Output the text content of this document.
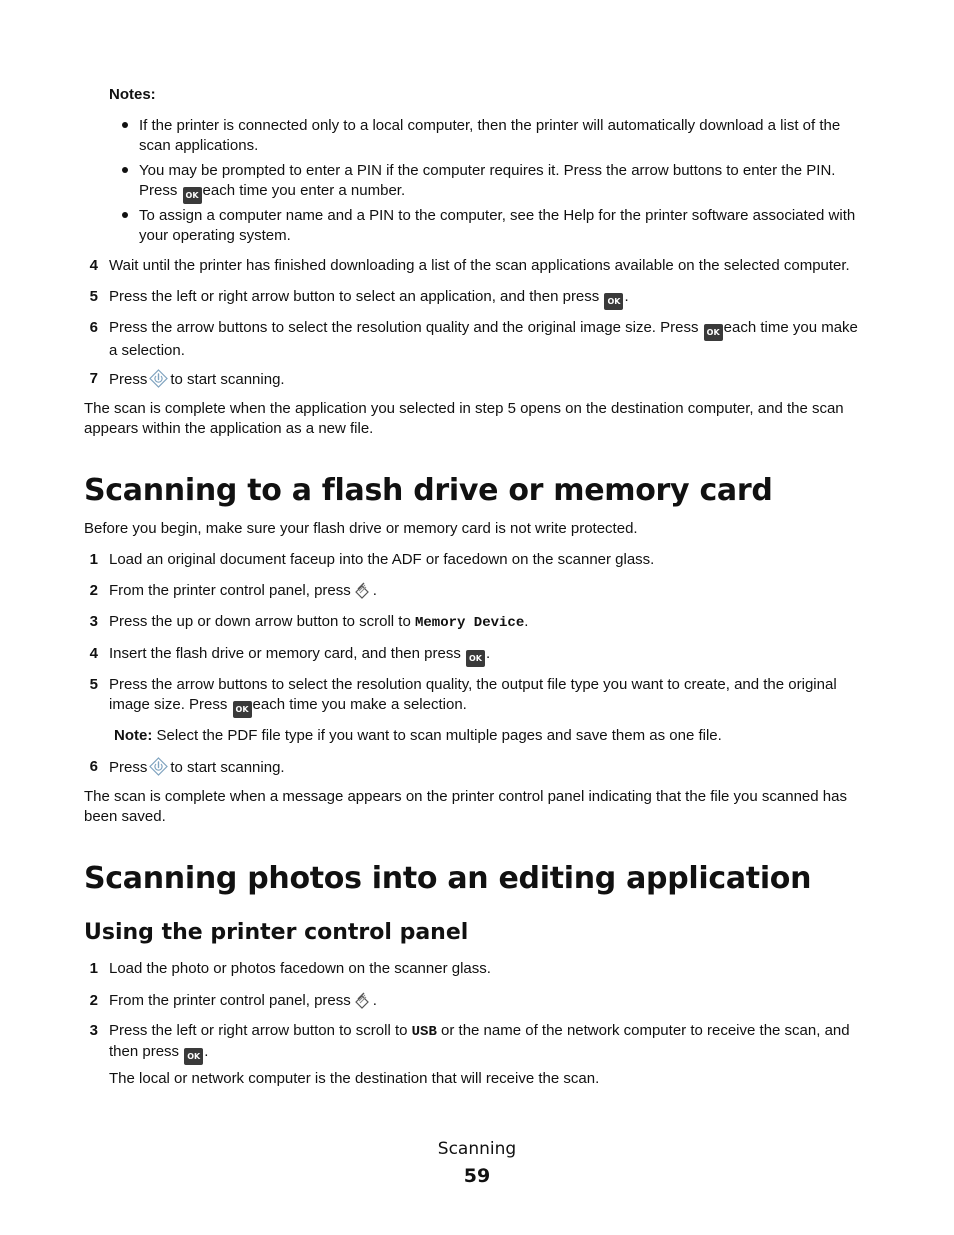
Notes:
If the printer is connected only to a local computer, then the printer will automatically download a list of the
scan applications.
You may be prompted to enter a PIN if the computer requires it. Press the arrow buttons to enter the PIN.
Press OK each time you enter a number.
To assign a computer name and a PIN to the computer, see the Help for the printer software associated with
your operating system.
4 Wait until the printer has finished downloading a list of the scan applications available on the selected computer.
5 Press the left or right arrow button to select an application, and then press OK .
6 Press the arrow buttons to select the resolution quality and the original image size. Press OK each time you make
a selection.
7 Press to start scanning.
The scan is complete when the application you selected in step 5 opens on the destination computer, and the scan
appears within the application as a new file.
Scanning to a flash drive or memory card
Before you begin, make sure your flash drive or memory card is not write protected.
1 Load an original document faceup into the ADF or facedown on the scanner glass.
2 From the printer control panel, press .
3 Press the up or down arrow button to scroll to Memory Device.
4 Insert the flash drive or memory card, and then press OK .
5 Press the arrow buttons to select the resolution quality, the output file type you want to create, and the original
image size. Press OK each time you make a selection.
Note: Select the PDF file type if you want to scan multiple pages and save them as one file.
6 Press to start scanning.
The scan is complete when a message appears on the printer control panel indicating that the file you scanned has
been saved.
Scanning photos into an editing application
Using the printer control panel
1 Load the photo or photos facedown on the scanner glass.
2 From the printer control panel, press .
3 Press the left or right arrow button to scroll to USB or the name of the network computer to receive the scan, and
then press OK .
The local or network computer is the destination that will receive the scan.
Scanning
59
